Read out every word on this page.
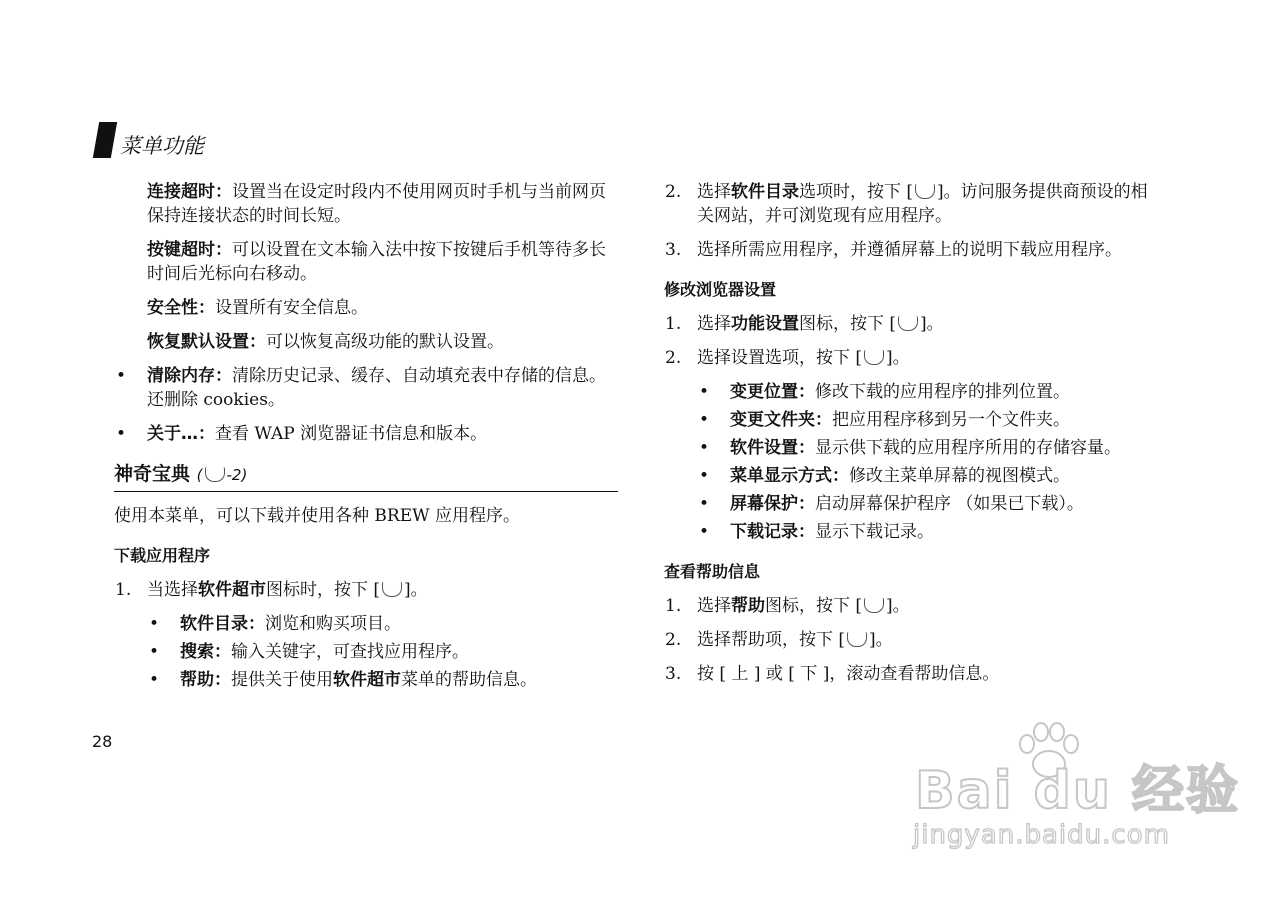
菜单功能
连接超时：设置当在设定时段内不使用网页时手机与当前网页保持连接状态的时间长短。
按键超时：可以设置在文本输入法中按下按键后手机等待多长时间后光标向右移动。
安全性：设置所有安全信息。
恢复默认设置：可以恢复高级功能的默认设置。
• 清除内存：清除历史记录、缓存、自动填充表中存储的信息。还删除 cookies。
• 关于…：查看 WAP 浏览器证书信息和版本。
神奇宝典 ( -2)
使用本菜单，可以下载并使用各种 BREW 应用程序。
下载应用程序
1. 当选择软件超市图标时，按下 [ ]。
• 软件目录：浏览和购买项目。
• 搜索：输入关键字，可查找应用程序。
• 帮助：提供关于使用软件超市菜单的帮助信息。
2. 选择软件目录选项时，按下 [ ]。访问服务提供商预设的相关网站，并可浏览现有应用程序。
3. 选择所需应用程序，并遵循屏幕上的说明下载应用程序。
修改浏览器设置
1. 选择功能设置图标，按下 [ ]。
2. 选择设置选项，按下 [ ]。
• 变更位置：修改下载的应用程序的排列位置。
• 变更文件夹：把应用程序移到另一个文件夹。
• 软件设置：显示供下载的应用程序所用的存储容量。
• 菜单显示方式：修改主菜单屏幕的视图模式。
• 屏幕保护：启动屏幕保护程序 （如果已下载）。
• 下载记录：显示下载记录。
查看帮助信息
1. 选择帮助图标，按下 [ ]。
2. 选择帮助项，按下 [ ]。
3. 按 [ 上 ] 或 [ 下 ]，滚动查看帮助信息。
28
Bai du 经验
jingyan.baidu.com
